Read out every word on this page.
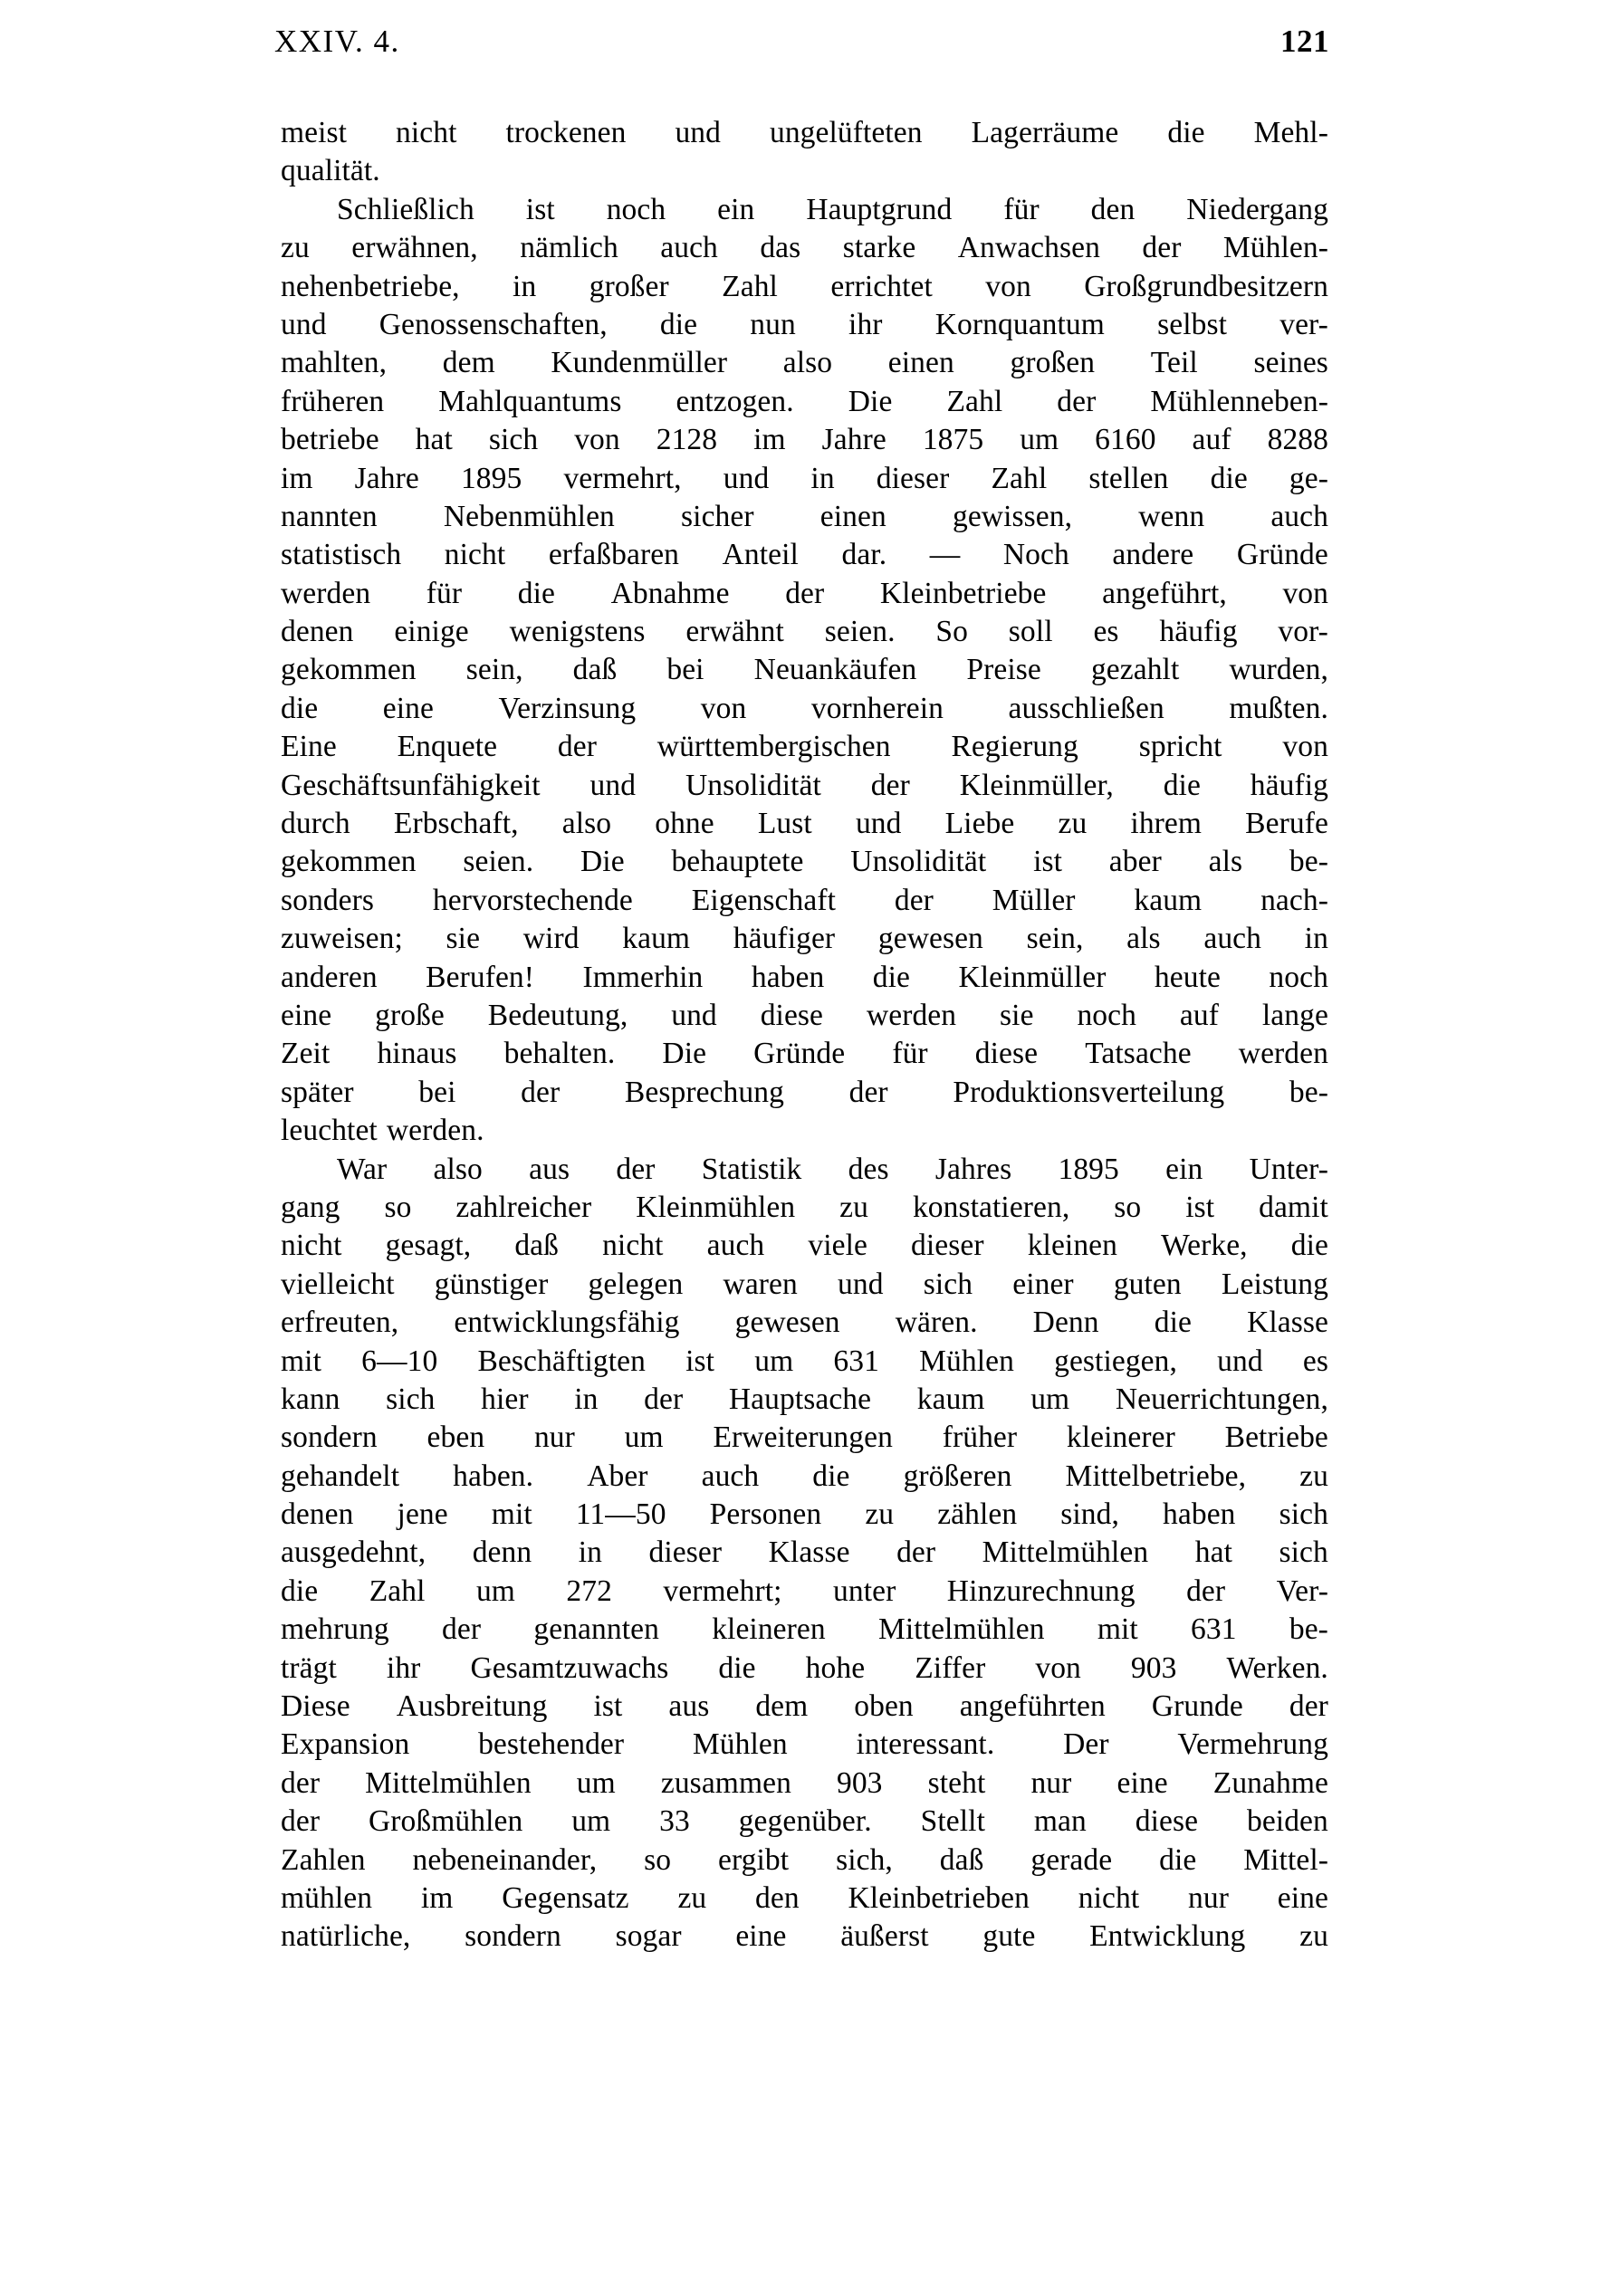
XXIV. 4.	121
meist nicht trockenen und ungelüfteten Lagerräume die Mehl-
qualität.
Schließlich ist noch ein Hauptgrund für den Niedergang
zu erwähnen, nämlich auch das starke Anwachsen der Mühlen-
nehenbetriebe, in großer Zahl errichtet von Großgrundbesitzern
und Genossenschaften, die nun ihr Kornquantum selbst ver-
mahlten, dem Kundenmüller also einen großen Teil seines
früheren Mahlquantums entzogen. Die Zahl der Mühlenneben-
betriebe hat sich von 2128 im Jahre 1875 um 6160 auf 8288
im Jahre 1895 vermehrt, und in dieser Zahl stellen die ge-
nannten Nebenmühlen sicher einen gewissen, wenn auch
statistisch nicht erfaßbaren Anteil dar. — Noch andere Gründe
werden für die Abnahme der Kleinbetriebe angeführt, von
denen einige wenigstens erwähnt seien. So soll es häufig vor-
gekommen sein, daß bei Neuankäufen Preise gezahlt wurden,
die eine Verzinsung von vornherein ausschließen mußten.
Eine Enquete der württembergischen Regierung spricht von
Geschäftsunfähigkeit und Unsolidität der Kleinmüller, die häufig
durch Erbschaft, also ohne Lust und Liebe zu ihrem Berufe
gekommen seien. Die behauptete Unsolidität ist aber als be-
sonders hervorstechende Eigenschaft der Müller kaum nach-
zuweisen; sie wird kaum häufiger gewesen sein, als auch in
anderen Berufen! Immerhin haben die Kleinmüller heute noch
eine große Bedeutung, und diese werden sie noch auf lange
Zeit hinaus behalten. Die Gründe für diese Tatsache werden
später bei der Besprechung der Produktionsverteilung be-
leuchtet werden.
War also aus der Statistik des Jahres 1895 ein Unter-
gang so zahlreicher Kleinmühlen zu konstatieren, so ist damit
nicht gesagt, daß nicht auch viele dieser kleinen Werke, die
vielleicht günstiger gelegen waren und sich einer guten Leistung
erfreuten, entwicklungsfähig gewesen wären. Denn die Klasse
mit 6—10 Beschäftigten ist um 631 Mühlen gestiegen, und es
kann sich hier in der Hauptsache kaum um Neuerrichtungen,
sondern eben nur um Erweiterungen früher kleinerer Betriebe
gehandelt haben. Aber auch die größeren Mittelbetriebe, zu
denen jene mit 11—50 Personen zu zählen sind, haben sich
ausgedehnt, denn in dieser Klasse der Mittelmühlen hat sich
die Zahl um 272 vermehrt; unter Hinzurechnung der Ver-
mehrung der genannten kleineren Mittelmühlen mit 631 be-
trägt ihr Gesamtzuwachs die hohe Ziffer von 903 Werken.
Diese Ausbreitung ist aus dem oben angeführten Grunde der
Expansion bestehender Mühlen interessant. Der Vermehrung
der Mittelmühlen um zusammen 903 steht nur eine Zunahme
der Großmühlen um 33 gegenüber. Stellt man diese beiden
Zahlen nebeneinander, so ergibt sich, daß gerade die Mittel-
mühlen im Gegensatz zu den Kleinbetrieben nicht nur eine
natürliche, sondern sogar eine äußerst gute Entwicklung zu
